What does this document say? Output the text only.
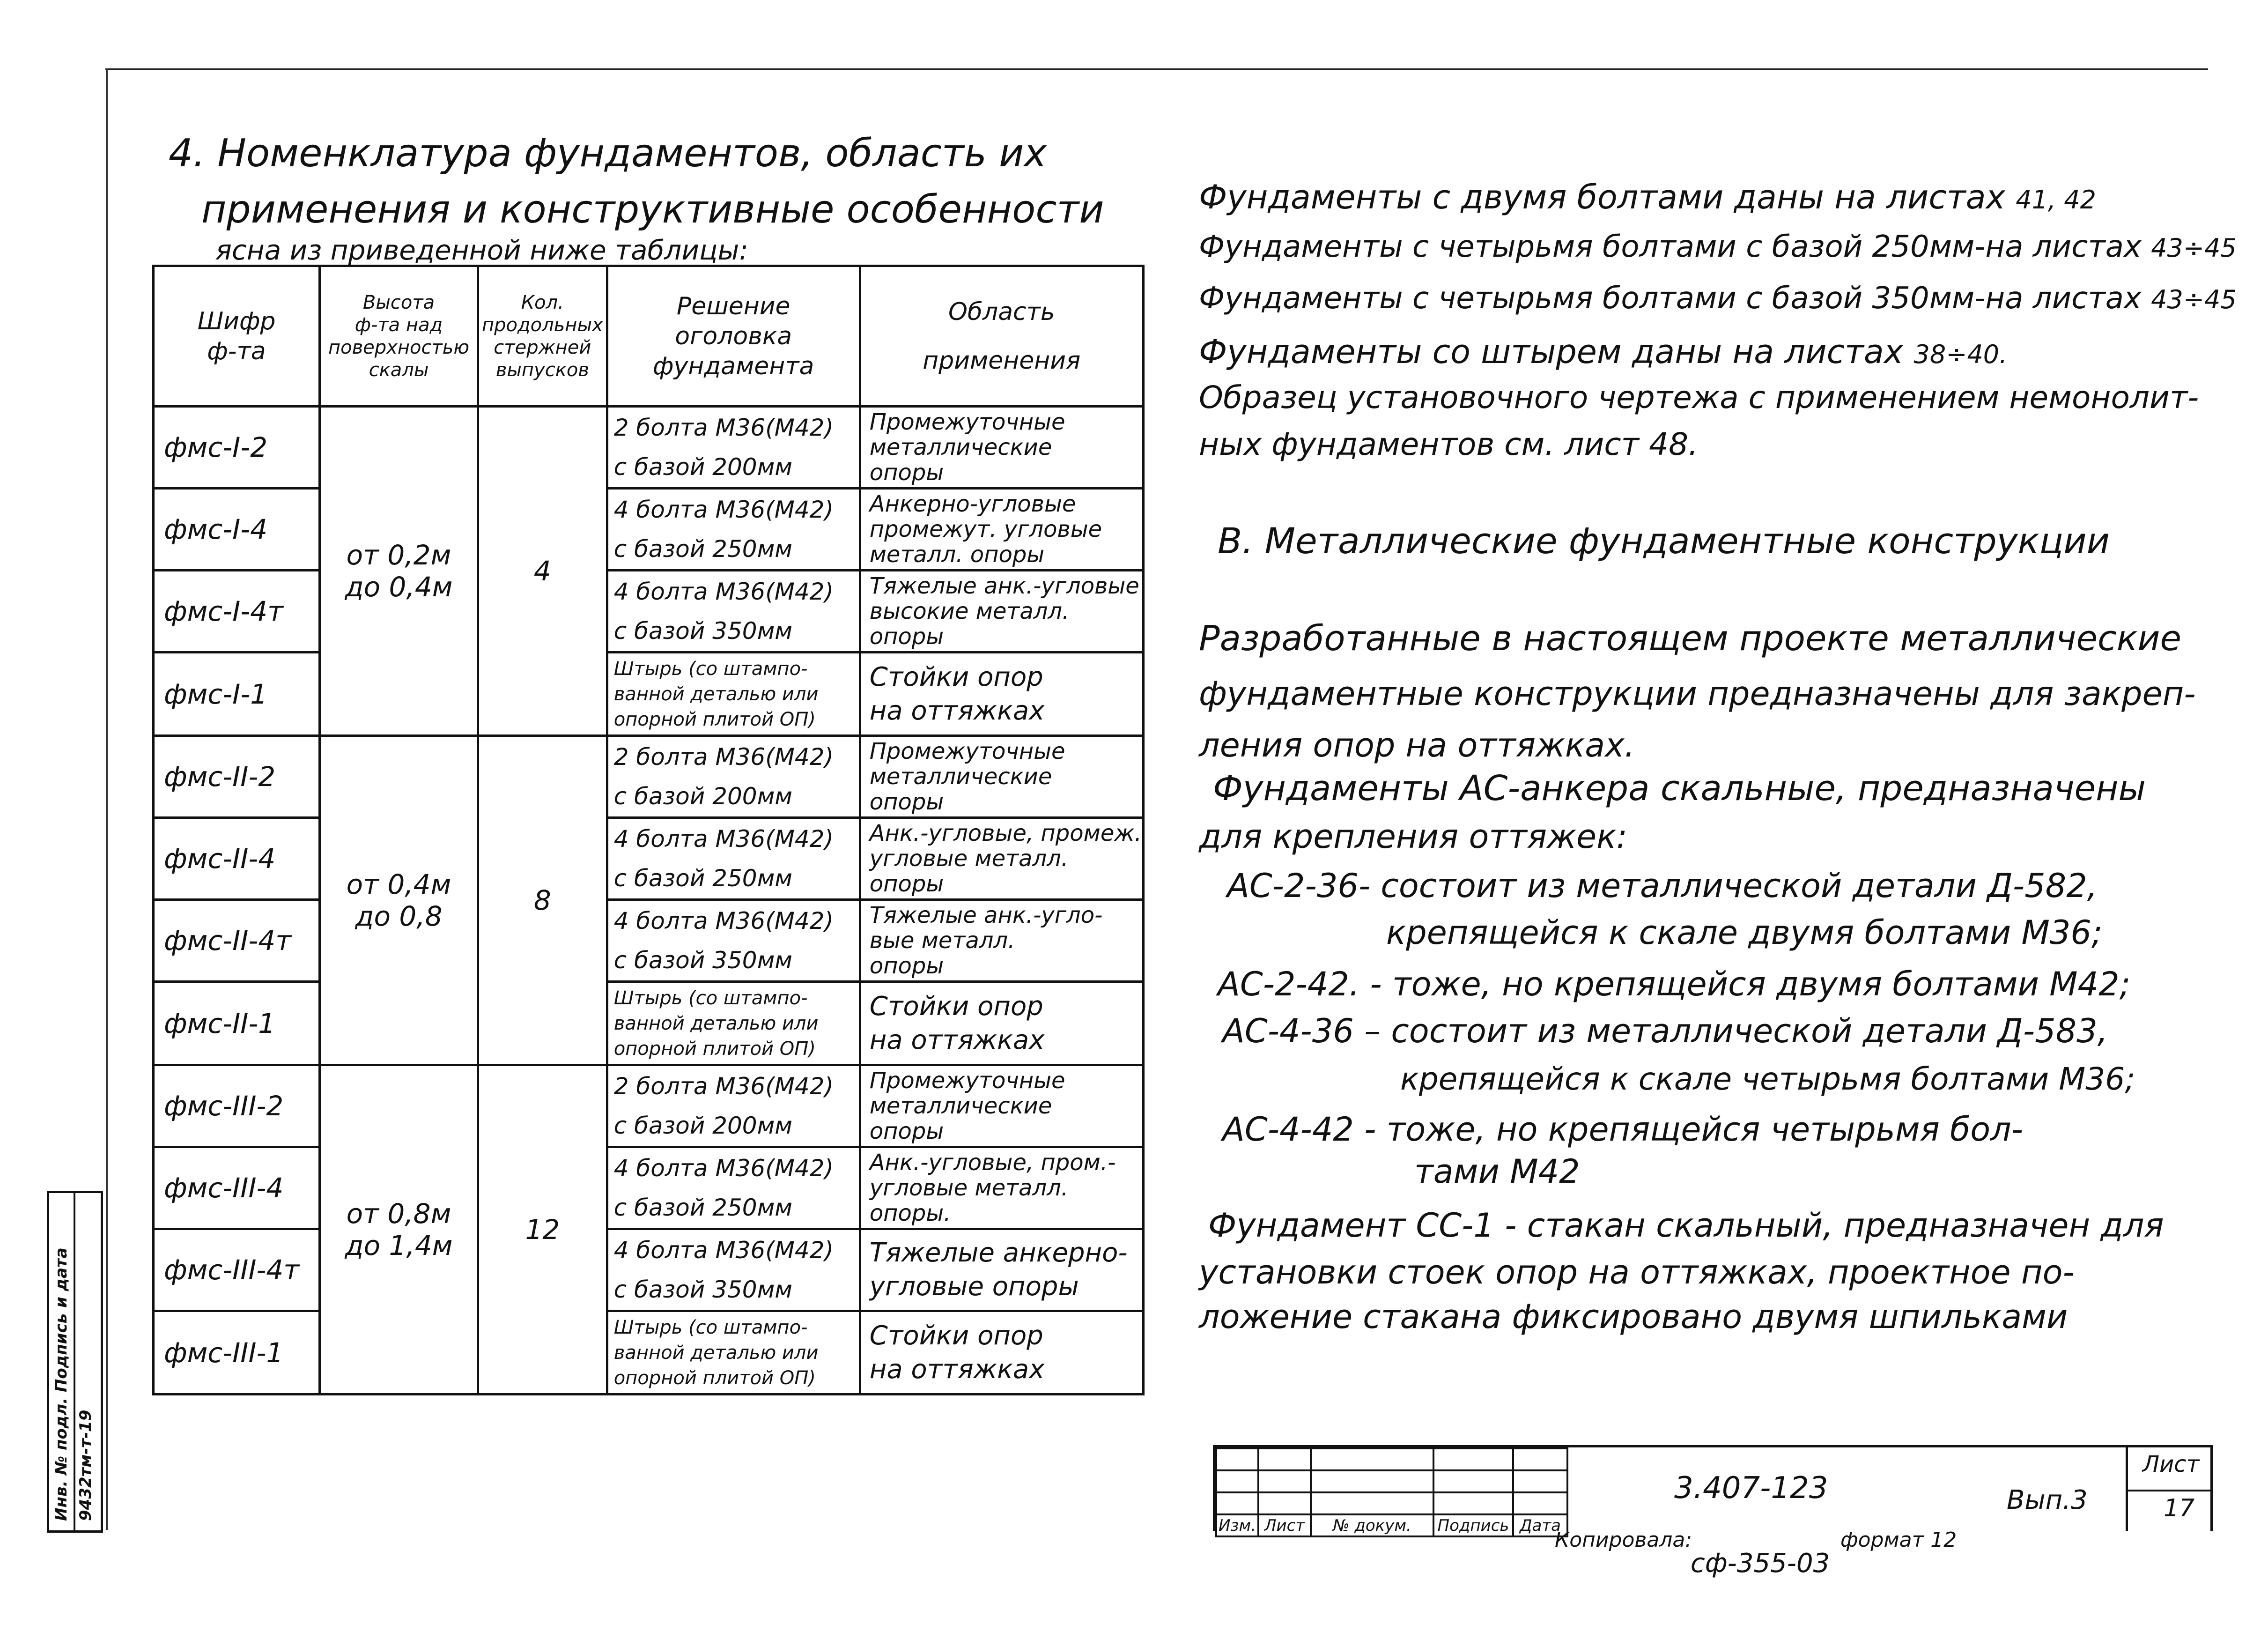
4. Номенклатура фундаментов, область их
применения и конструктивные особенности
ясна из приведенной ниже таблицы:
Шифр
ф-та	Высота
ф-та над
поверхностью
скалы	Кол.
продольных
стержней
выпусков	Решение
оголовка
фундамента	Область
применения

фмс-I-2	от 0,2м
до 0,4м	4	2 болта М36(М42)
с базой 200мм	Промежуточные
металлические
опоры

фмс-I-4			4 болта М36(М42)
с базой 250мм	Анкерно-угловые
промежут. угловые
металл. опоры

фмс-I-4т			4 болта М36(М42)
с базой 350мм	Тяжелые анк.-угловые
высокие металл.
опоры

фмс-I-1			Штырь (со штампо-
ванной деталью или
опорной плитой ОП)	Стойки опор
на оттяжках

фмс-II-2	от 0,4м
до 0,8	8	2 болта М36(М42)
с базой 200мм	Промежуточные
металлические
опоры

фмс-II-4			4 болта М36(М42)
с базой 250мм	Анк.-угловые, промеж.
угловые металл.
опоры

фмс-II-4т			4 болта М36(М42)
с базой 350мм	Тяжелые анк.-угло-
вые металл.
опоры

фмс-II-1			Штырь (со штампо-
ванной деталью или
опорной плитой ОП)	Стойки опор
на оттяжках

фмс-III-2	от 0,8м
до 1,4м	12	2 болта М36(М42)
с базой 200мм	Промежуточные
металлические
опоры

фмс-III-4			4 болта М36(М42)
с базой 250мм	Анк.-угловые, пром.-
угловые металл.
опоры.

фмс-III-4т			4 болта М36(М42)
с базой 350мм	Тяжелые анкерно-
угловые опоры

фмс-III-1			Штырь (со штампо-
ванной деталью или
опорной плитой ОП)	Стойки опор
на оттяжках
Фундаменты с двумя болтами даны на листах 41, 42
Фундаменты с четырьмя болтами с базой 250мм-на листах 43÷45
Фундаменты с четырьмя болтами с базой 350мм-на листах 43÷45
Фундаменты со штырем даны на листах 38÷40.
Образец установочного чертежа с применением немонолит-
ных фундаментов см. лист 48.
В. Металлические фундаментные конструкции
Разработанные в настоящем проекте металлические
фундаментные конструкции предназначены для закреп-
ления опор на оттяжках.
Фундаменты АС-анкера скальные, предназначены
для крепления оттяжек:
АС-2-36- состоит из металлической детали Д-582,
крепящейся к скале двумя болтами М36;
АС-2-42. - тоже, но крепящейся двумя болтами М42;
АС-4-36 – состоит из металлической детали Д-583,
крепящейся к скале четырьмя болтами М36;
АС-4-42 - тоже, но крепящейся четырьмя бол-
тами М42
Фундамент СС-1 - стакан скальный, предназначен для
установки стоек опор на оттяжках, проектное по-
ложение стакана фиксировано двумя шпильками

Изм.	Лист	№ докум.	Подпись	Дата
3.407-123	Вып.3
Лист
17
Копировала:	формат 12
сф-355-03
Инв. № подл. Подпись и дата 9432тм-т-19
